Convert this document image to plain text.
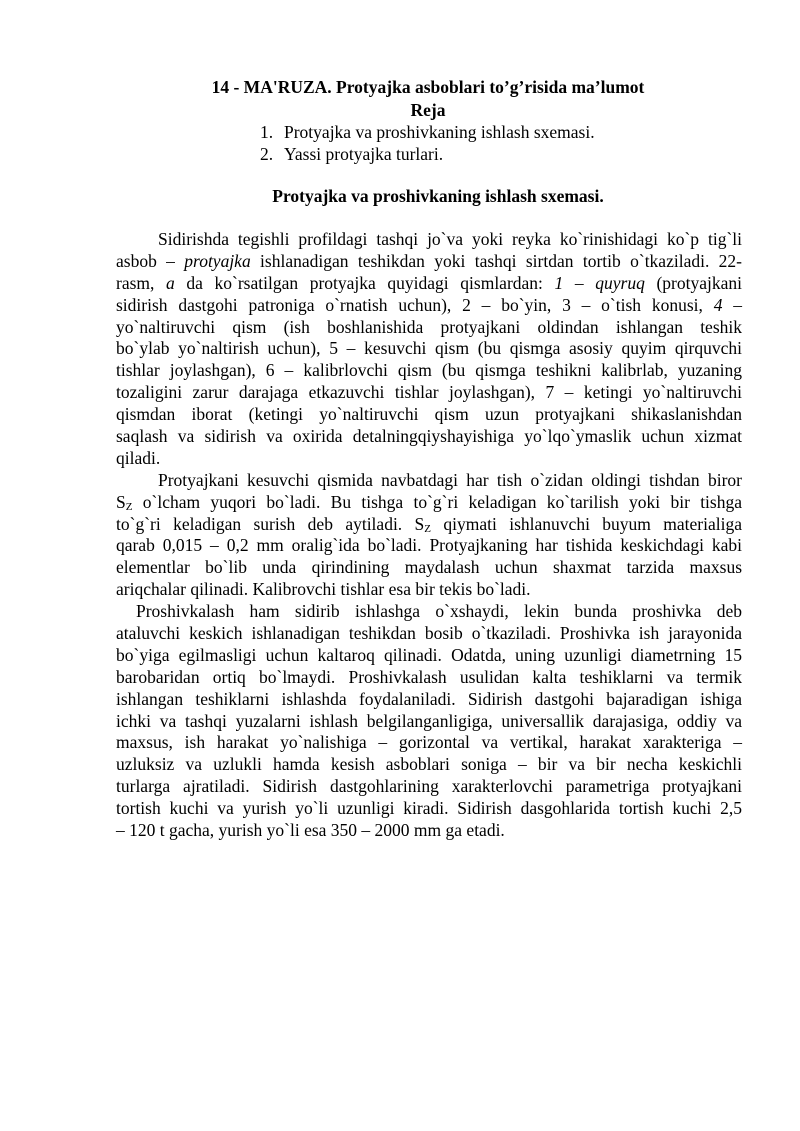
14 - MA'RUZA. Protyajka asboblari to’g’risida ma’lumot
Reja
1. Protyajka va proshivkaning ishlash sxemasi.
2. Yassi protyajka turlari.
Protyajka va proshivkaning ishlash sxemasi.
Sidirishda tegishli profildagi tashqi jo`va yoki reyka ko`rinishidagi ko`p tig`li
asbob – protyajka ishlanadigan teshikdan yoki tashqi sirtdan tortib o`tkaziladi. 22-
rasm, a da ko`rsatilgan protyajka quyidagi qismlardan: 1 – quyruq (protyajkani
sidirish dastgohi patroniga o`rnatish uchun), 2 – bo`yin, 3 – o`tish konusi, 4 –
yo`naltiruvchi qism (ish boshlanishida protyajkani oldindan ishlangan teshik
bo`ylab yo`naltirish uchun), 5 – kesuvchi qism (bu qismga asosiy quyim qirquvchi
tishlar joylashgan), 6 – kalibrlovchi qism (bu qismga teshikni kalibrlab, yuzaning
tozaligini zarur darajaga etkazuvchi tishlar joylashgan), 7 – ketingi yo`naltiruvchi
qismdan iborat (ketingi yo`naltiruvchi qism uzun protyajkani shikaslanishdan
saqlash va sidirish va oxirida detalningqiyshayishiga yo`lqo`ymaslik uchun xizmat
qiladi.
Protyajkani kesuvchi qismida navbatdagi har tish o`zidan oldingi tishdan biror
$S_Z$ o`lcham yuqori bo`ladi. Bu tishga to`g`ri keladigan ko`tarilish yoki bir tishga
to`g`ri keladigan surish deb aytiladi. $S_Z$ qiymati ishlanuvchi buyum materialiga
qarab 0,015 – 0,2 mm oralig`ida bo`ladi. Protyajkaning har tishida keskichdagi kabi
elementlar bo`lib unda qirindining maydalash uchun shaxmat tarzida maxsus
ariqchalar qilinadi. Kalibrovchi tishlar esa bir tekis bo`ladi.
Proshivkalash ham sidirib ishlashga o`xshaydi, lekin bunda proshivka deb
ataluvchi keskich ishlanadigan teshikdan bosib o`tkaziladi. Proshivka ish jarayonida
bo`yiga egilmasligi uchun kaltaroq qilinadi. Odatda, uning uzunligi diametrning 15
barobaridan ortiq bo`lmaydi. Proshivkalash usulidan kalta teshiklarni va termik
ishlangan teshiklarni ishlashda foydalaniladi. Sidirish dastgohi bajaradigan ishiga
ichki va tashqi yuzalarni ishlash belgilanganligiga, universallik darajasiga, oddiy va
maxsus, ish harakat yo`nalishiga – gorizontal va vertikal, harakat xarakteriga –
uzluksiz va uzlukli hamda kesish asboblari soniga – bir va bir necha keskichli
turlarga ajratiladi. Sidirish dastgohlarining xarakterlovchi parametriga protyajkani
tortish kuchi va yurish yo`li uzunligi kiradi. Sidirish dasgohlarida tortish kuchi 2,5
– 120 t gacha, yurish yo`li esa 350 – 2000 mm ga etadi.
